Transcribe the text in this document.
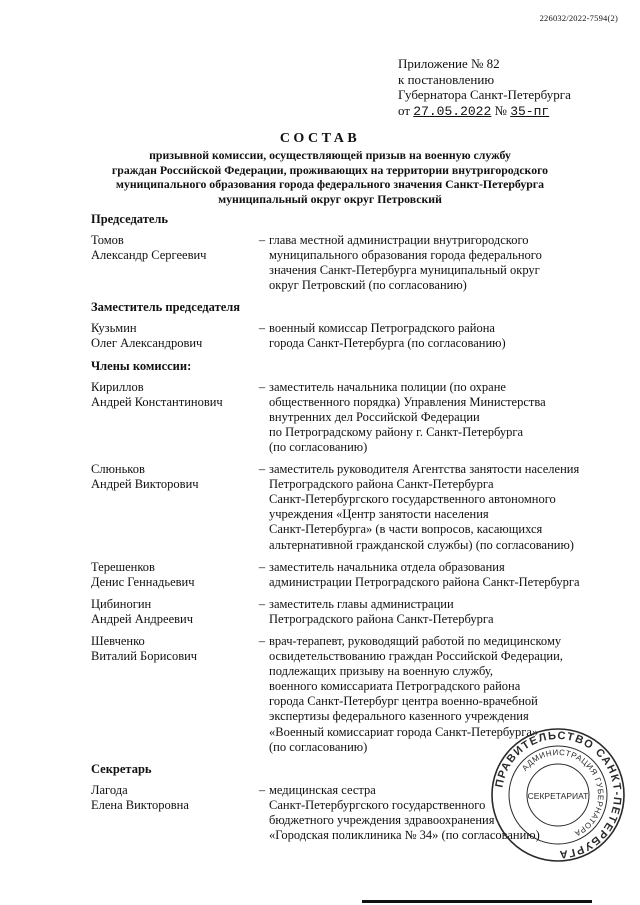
226032/2022-7594(2)
Приложение № 82
к постановлению
Губернатора Санкт-Петербурга
от 27.05.2022 № 35-пг
СОСТАВ
призывной комиссии, осуществляющей призыв на военную службу
граждан Российской Федерации, проживающих на территории внутригородского
муниципального образования города федерального значения Санкт-Петербурга
муниципальный округ округ Петровский
Председатель
Томов
Александр Сергеевич
– глава местной администрации внутригородского
муниципального образования города федерального
значения Санкт-Петербурга муниципальный округ
округ Петровский (по согласованию)
Заместитель председателя
Кузьмин
Олег Александрович
– военный комиссар Петроградского района
города Санкт-Петербурга (по согласованию)
Члены комиссии:
Кириллов
Андрей Константинович
– заместитель начальника полиции (по охране
общественного порядка) Управления Министерства
внутренних дел Российской Федерации
по Петроградскому району г. Санкт-Петербурга
(по согласованию)
Слюньков
Андрей Викторович
– заместитель руководителя Агентства занятости населения
Петроградского района Санкт-Петербурга
Санкт-Петербургского государственного автономного
учреждения «Центр занятости населения
Санкт-Петербурга» (в части вопросов, касающихся
альтернативной гражданской службы) (по согласованию)
Терешенков
Денис Геннадьевич
– заместитель начальника отдела образования
администрации Петроградского района Санкт-Петербурга
Цибиногин
Андрей Андреевич
– заместитель главы администрации
Петроградского района Санкт-Петербурга
Шевченко
Виталий Борисович
– врач-терапевт, руководящий работой по медицинскому
освидетельствованию граждан Российской Федерации,
подлежащих призыву на военную службу,
военного комиссариата Петроградского района
города Санкт-Петербург центра военно-врачебной
экспертизы федерального казенного учреждения
«Военный комиссариат города Санкт-Петербурга»
(по согласованию)
Секретарь
Лагода
Елена Викторовна
– медицинская сестра
Санкт-Петербургского государственного
бюджетного учреждения здравоохранения
«Городская поликлиника № 34» (по согласованию)
ПРАВИТЕЛЬСТВО САНКТ-ПЕТЕРБУРГА
АДМИНИСТРАЦИЯ ГУБЕРНАТОРА
СЕКРЕТАРИАТ
